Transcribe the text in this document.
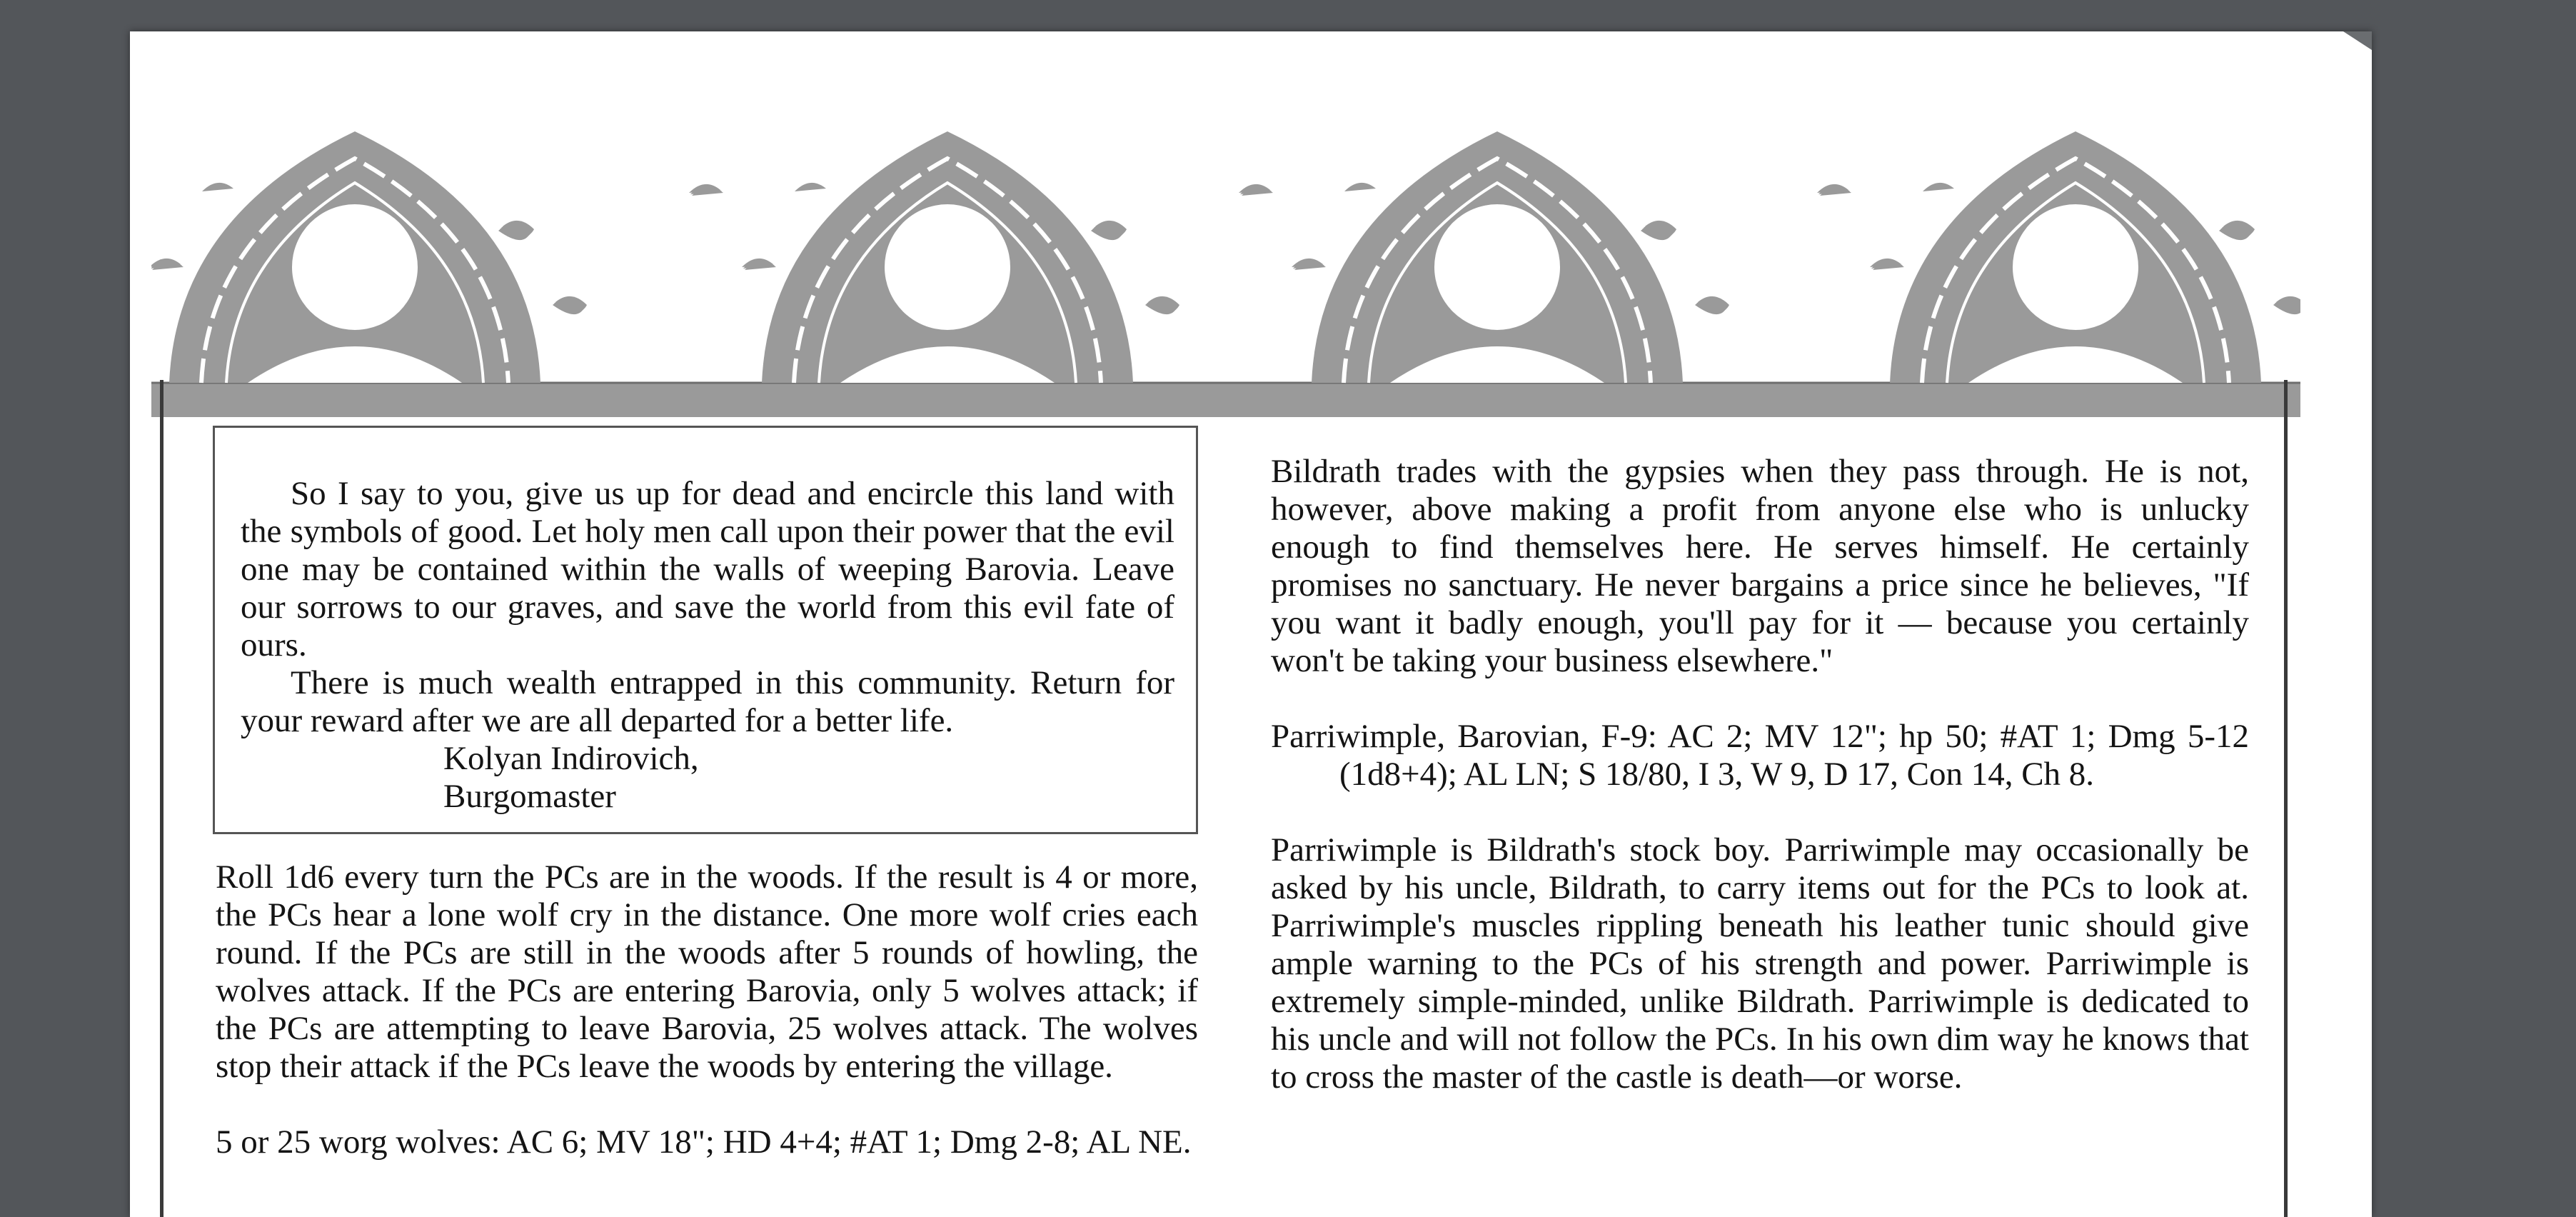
So I say to you, give us up for dead and encircle this land with the symbols of good. Let holy men call upon their power that the evil one may be contained within the walls of weeping Barovia. Leave our sorrows to our graves, and save the world from this evil fate of ours.

There is much wealth entrapped in this community. Return for your reward after we are all departed for a better life.

Kolyan Indirovich,

Burgomaster

Roll 1d6 every turn the PCs are in the woods. If the result is 4 or more, the PCs hear a lone wolf cry in the distance. One more wolf cries each round. If the PCs are still in the woods after 5 rounds of howling, the wolves attack. If the PCs are entering Barovia, only 5 wolves attack; if the PCs are attempting to leave Barovia, 25 wolves attack. The wolves stop their attack if the PCs leave the woods by entering the village.

5 or 25 worg wolves: AC 6; MV 18"; HD 4+4; #AT 1; Dmg 2-8; AL NE.

Bildrath trades with the gypsies when they pass through. He is not, however, above making a profit from anyone else who is unlucky enough to find themselves here. He serves himself. He certainly promises no sanctuary. He never bargains a price since he believes, "If you want it badly enough, you'll pay for it — because you certainly won't be taking your business elsewhere."

Parriwimple, Barovian, F-9: AC 2; MV 12"; hp 50; #AT 1; Dmg 5-12 (1d8+4); AL LN; S 18/80, I 3, W 9, D 17, Con 14, Ch 8.

Parriwimple is Bildrath's stock boy. Parriwimple may occasionally be asked by his uncle, Bildrath, to carry items out for the PCs to look at. Parriwimple's muscles rippling beneath his leather tunic should give ample warning to the PCs of his strength and power. Parriwimple is extremely simple-minded, unlike Bildrath. Parriwimple is dedicated to his uncle and will not follow the PCs. In his own dim way he knows that to cross the master of the castle is death—or worse.
